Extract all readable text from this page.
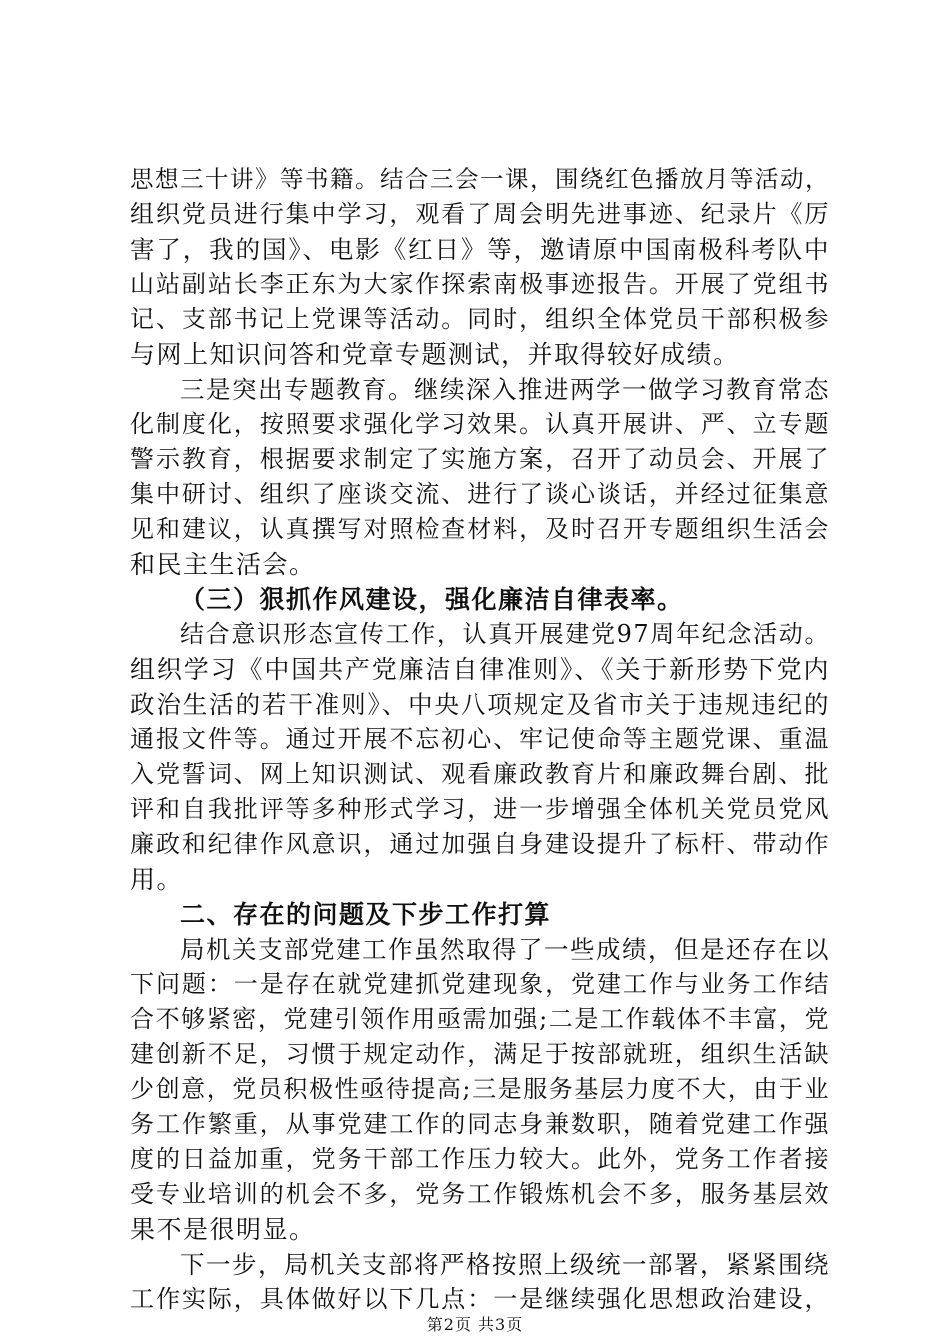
思想三十讲》等书籍。结合三会一课，围绕红色播放月等活动，
组织党员进行集中学习，观看了周会明先进事迹、纪录片《厉
害了，我的国》、电影《红日》等，邀请原中国南极科考队中
山站副站长李正东为大家作探索南极事迹报告。开展了党组书
记、支部书记上党课等活动。同时，组织全体党员干部积极参
与网上知识问答和党章专题测试，并取得较好成绩。
三是突出专题教育。继续深入推进两学一做学习教育常态
化制度化，按照要求强化学习效果。认真开展讲、严、立专题
警示教育，根据要求制定了实施方案，召开了动员会、开展了
集中研讨、组织了座谈交流、进行了谈心谈话，并经过征集意
见和建议，认真撰写对照检查材料，及时召开专题组织生活会
和民主生活会。
（三）狠抓作风建设，强化廉洁自律表率。
结合意识形态宣传工作，认真开展建党97周年纪念活动。
组织学习《中国共产党廉洁自律准则》、《关于新形势下党内
政治生活的若干准则》、中央八项规定及省市关于违规违纪的
通报文件等。通过开展不忘初心、牢记使命等主题党课、重温
入党誓词、网上知识测试、观看廉政教育片和廉政舞台剧、批
评和自我批评等多种形式学习，进一步增强全体机关党员党风
廉政和纪律作风意识，通过加强自身建设提升了标杆、带动作
用。
二、存在的问题及下步工作打算
局机关支部党建工作虽然取得了一些成绩，但是还存在以
下问题：一是存在就党建抓党建现象，党建工作与业务工作结
合不够紧密，党建引领作用亟需加强;二是工作载体不丰富，党
建创新不足，习惯于规定动作，满足于按部就班，组织生活缺
少创意，党员积极性亟待提高;三是服务基层力度不大，由于业
务工作繁重，从事党建工作的同志身兼数职，随着党建工作强
度的日益加重，党务干部工作压力较大。此外，党务工作者接
受专业培训的机会不多，党务工作锻炼机会不多，服务基层效
果不是很明显。
下一步，局机关支部将严格按照上级统一部署，紧紧围绕
工作实际，具体做好以下几点：一是继续强化思想政治建设，
第2页 共3页
